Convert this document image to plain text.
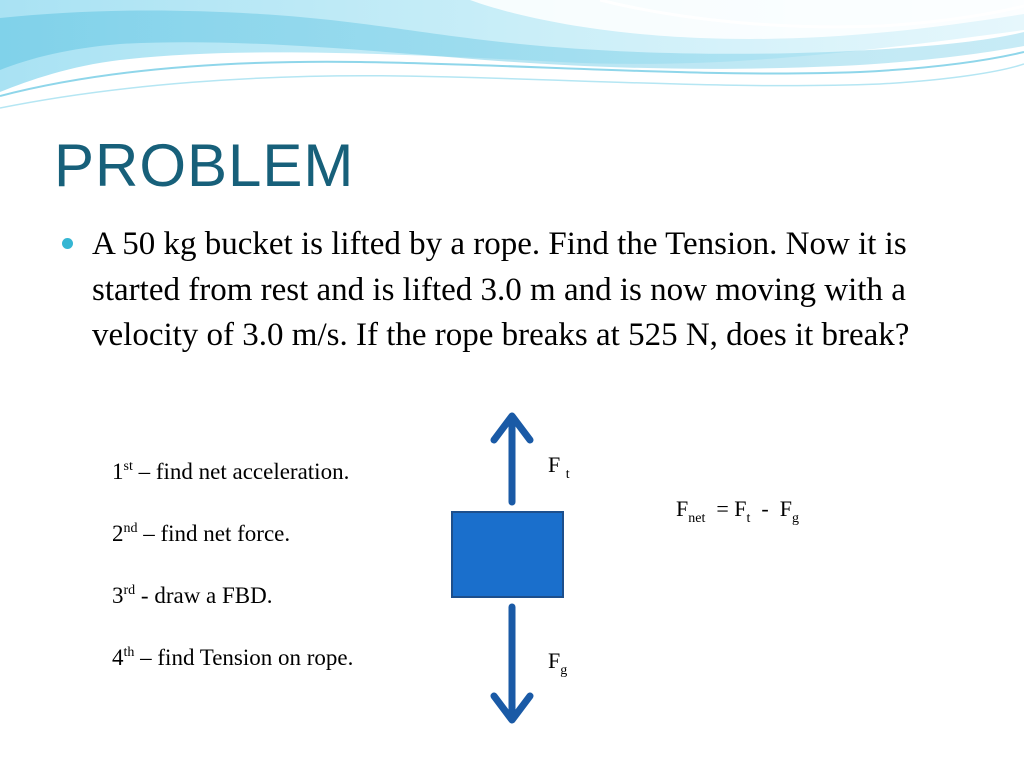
PROBLEM

A 50 kg bucket is lifted by a rope. Find the Tension. Now it is started from rest and is lifted 3.0 m and is now moving with a velocity of 3.0 m/s. If the rope breaks at 525 N, does it break?

1st – find net acceleration.

2nd – find net force.

3rd - draw a FBD.

4th – find Tension on rope.

F $_t$
$F_g$
$F_{net} = F_t - F_g$
